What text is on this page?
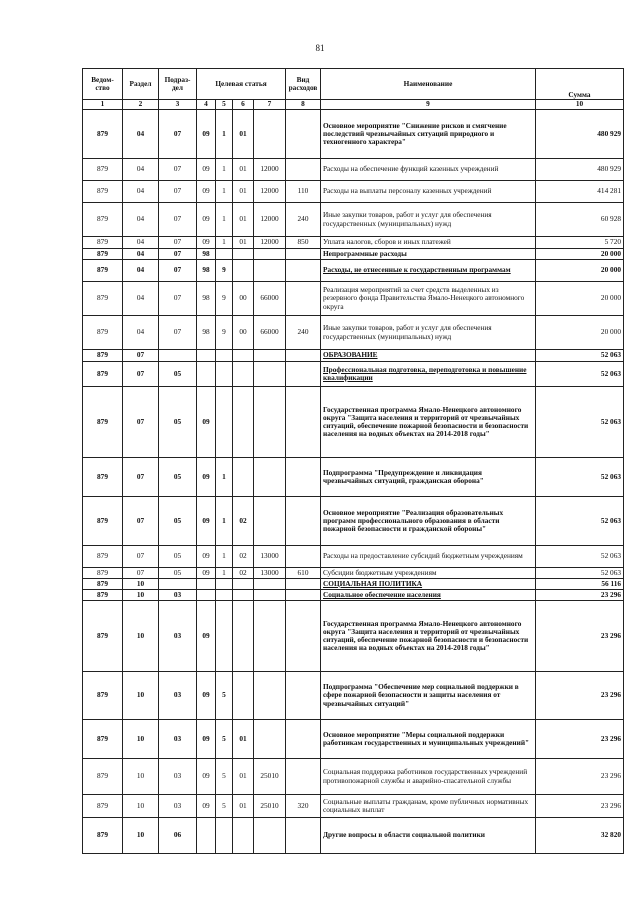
81
Ведом-
ство	Раздел	Подраз-
дел	Целевая статья				Вид
расходов	Наименование	Сумма
1	2	3	4	5	6	7	8	9	10
879	04	07	09	1	01			Основное мероприятие "Снижение рисков и смягчение последствий чрезвычайных ситуаций природного и техногенного характера"	480 929
879	04	07	09	1	01	12000		Расходы на обеспечение функций казенных учреждений	480 929
879	04	07	09	1	01	12000	110	Расходы на выплаты персоналу казенных учреждений	414 281
879	04	07	09	1	01	12000	240	Иные закупки товаров, работ и услуг для обеспечения государственных (муниципальных) нужд	60 928
879	04	07	09	1	01	12000	850	Уплата налогов, сборов и иных платежей	5 720
879	04	07	98					Непрограммные расходы	20 000
879	04	07	98	9				Расходы, не отнесенные к государственным программам	20 000
879	04	07	98	9	00	66000		Реализация мероприятий за счет средств выделенных из резервного фонда Правительства Ямало-Ненецкого автономного округа	20 000
879	04	07	98	9	00	66000	240	Иные закупки товаров, работ и услуг для обеспечения государственных (муниципальных) нужд	20 000
879	07							ОБРАЗОВАНИЕ	52 063
879	07	05						Профессиональная подготовка, переподготовка и повышение квалификации	52 063
879	07	05	09					Государственная программа Ямало-Ненецкого автономного округа "Защита населения и территорий от чрезвычайных ситуаций, обеспечение пожарной безопасности и безопасности населения на водных объектах на 2014-2018 годы"	52 063
879	07	05	09	1				Подпрограмма "Предупреждение и ликвидация чрезвычайных ситуаций, гражданская оборона"	52 063
879	07	05	09	1	02			Основное мероприятие "Реализация образовательных программ профессионального образования в области пожарной безопасности и гражданской обороны"	52 063
879	07	05	09	1	02	13000		Расходы на предоставление субсидий бюджетным учреждениям	52 063
879	07	05	09	1	02	13000	610	Субсидии бюджетным учреждениям	52 063
879	10							СОЦИАЛЬНАЯ ПОЛИТИКА	56 116
879	10	03						Социальное обеспечение населения	23 296
879	10	03	09					Государственная программа Ямало-Ненецкого автономного округа "Защита населения и территорий от чрезвычайных ситуаций, обеспечение пожарной безопасности и безопасности населения на водных объектах на 2014-2018 годы"	23 296
879	10	03	09	5				Подпрограмма "Обеспечение мер социальной поддержки в сфере пожарной безопасности и защиты населения от чрезвычайных ситуаций"	23 296
879	10	03	09	5	01			Основное мероприятие "Меры социальной поддержки работникам государственных и муниципальных учреждений"	23 296
879	10	03	09	5	01	25010		Социальная поддержка работников государственных учреждений противопожарной службы и аварийно-спасательной службы	23 296
879	10	03	09	5	01	25010	320	Социальные выплаты гражданам, кроме публичных нормативных социальных выплат	23 296
879	10	06						Другие вопросы в области социальной политики	32 820
